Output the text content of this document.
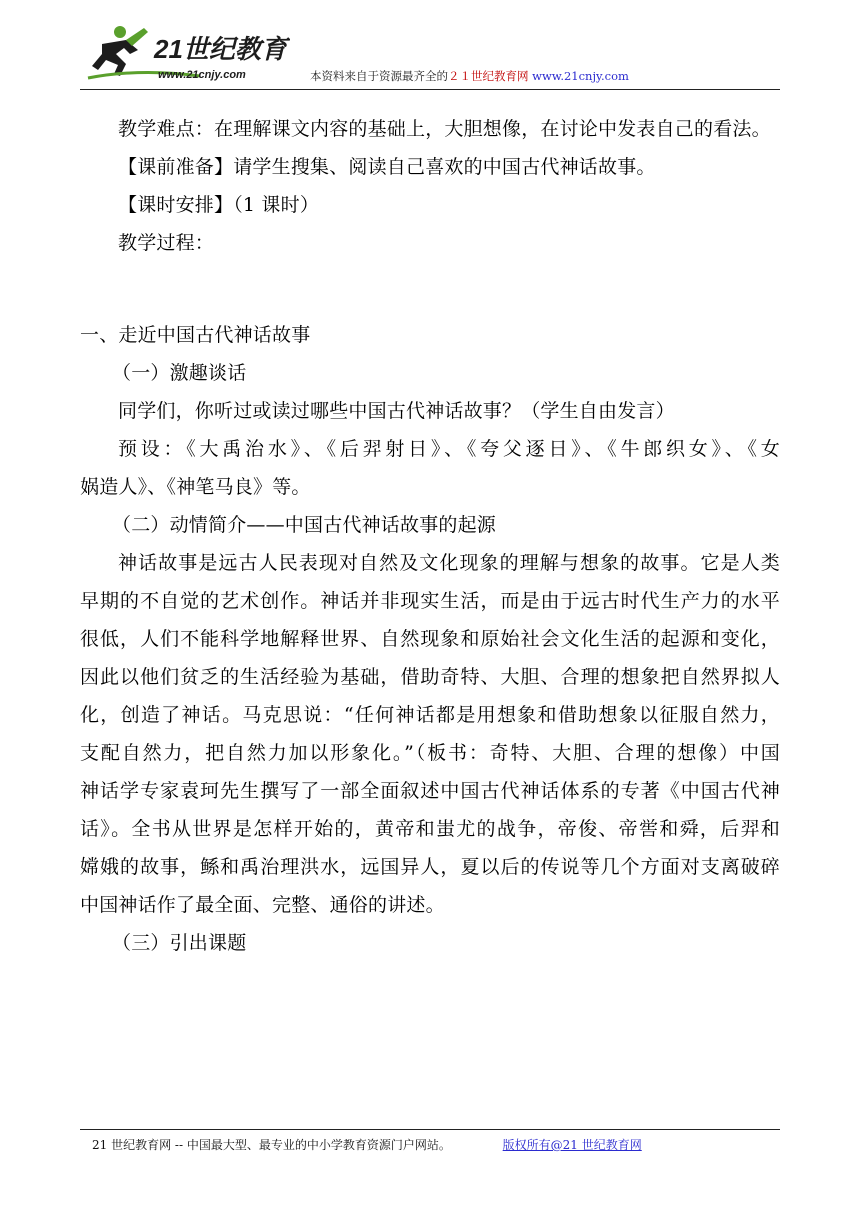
21世纪教育
www.21cnjy.com	本资料来自于资源最齐全的２１世纪教育网 www.21cnjy.com
教学难点：在理解课文内容的基础上，大胆想像，在讨论中发表自己的看法。
【课前准备】请学生搜集、阅读自己喜欢的中国古代神话故事。
【课时安排】（1 课时）
教学过程：
一、走近中国古代神话故事
（一）激趣谈话
同学们，你听过或读过哪些中国古代神话故事？（学生自由发言）
预设：《大禹治水》、《后羿射日》、《夸父逐日》、《牛郎织女》、《女
娲造人》、《神笔马良》等。
（二）动情简介——中国古代神话故事的起源
神话故事是远古人民表现对自然及文化现象的理解与想象的故事。它是人类
早期的不自觉的艺术创作。神话并非现实生活，而是由于远古时代生产力的水平
很低，人们不能科学地解释世界、自然现象和原始社会文化生活的起源和变化，
因此以他们贫乏的生活经验为基础，借助奇特、大胆、合理的想象把自然界拟人
化，创造了神话。马克思说：“任何神话都是用想象和借助想象以征服自然力，
支配自然力，把自然力加以形象化。”（板书：奇特、大胆、合理的想像）中国
神话学专家袁珂先生撰写了一部全面叙述中国古代神话体系的专著《中国古代神
话》。全书从世界是怎样开始的，黄帝和蚩尤的战争，帝俊、帝喾和舜，后羿和
嫦娥的故事，鲧和禹治理洪水，远国异人，夏以后的传说等几个方面对支离破碎
中国神话作了最全面、完整、通俗的讲述。
（三）引出课题
21 世纪教育网 -- 中国最大型、最专业的中小学教育资源门户网站。	版权所有@21 世纪教育网
